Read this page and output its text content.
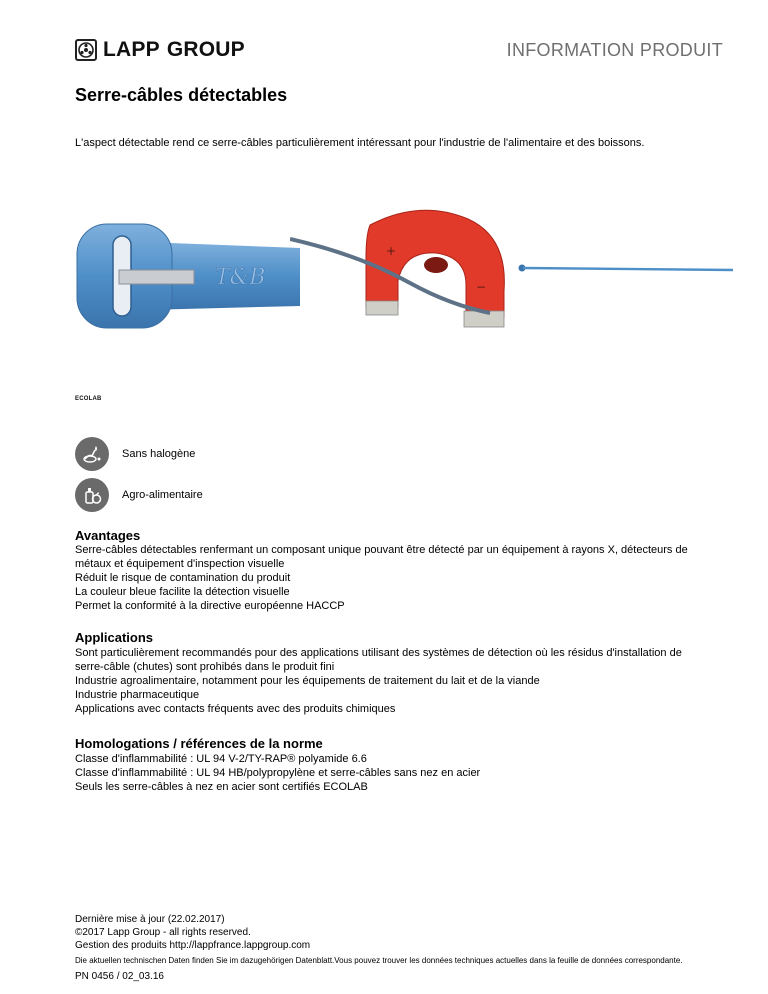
LAPP GROUP	INFORMATION PRODUIT
Serre-câbles détectables
L'aspect détectable rend ce serre-câbles particulièrement intéressant pour l'industrie de l'alimentaire et des boissons.
T&B
+
−
ECOLAB
Sans halogène
Agro-alimentaire
Avantages
Serre-câbles détectables renfermant un composant unique pouvant être détecté par un équipement à rayons X, détecteurs de
métaux et équipement d'inspection visuelle
Réduit le risque de contamination du produit
La couleur bleue facilite la détection visuelle
Permet la conformité à la directive européenne HACCP
Applications
Sont particulièrement recommandés pour des applications utilisant des systèmes de détection où les résidus d'installation de
serre-câble (chutes) sont prohibés dans le produit fini
Industrie agroalimentaire, notamment pour les équipements de traitement du lait et de la viande
Industrie pharmaceutique
Applications avec contacts fréquents avec des produits chimiques
Homologations / références de la norme
Classe d'inflammabilité : UL 94 V-2/TY-RAP® polyamide 6.6
Classe d'inflammabilité : UL 94 HB/polypropylène et serre-câbles sans nez en acier
Seuls les serre-câbles à nez en acier sont certifiés ECOLAB
Dernière mise à jour (22.02.2017)
©2017 Lapp Group - all rights reserved.
Gestion des produits http://lappfrance.lappgroup.com
Die aktuellen technischen Daten finden Sie im dazugehörigen Datenblatt.Vous pouvez trouver les données techniques actuelles dans la feuille de données correspondante.
PN 0456 / 02_03.16
